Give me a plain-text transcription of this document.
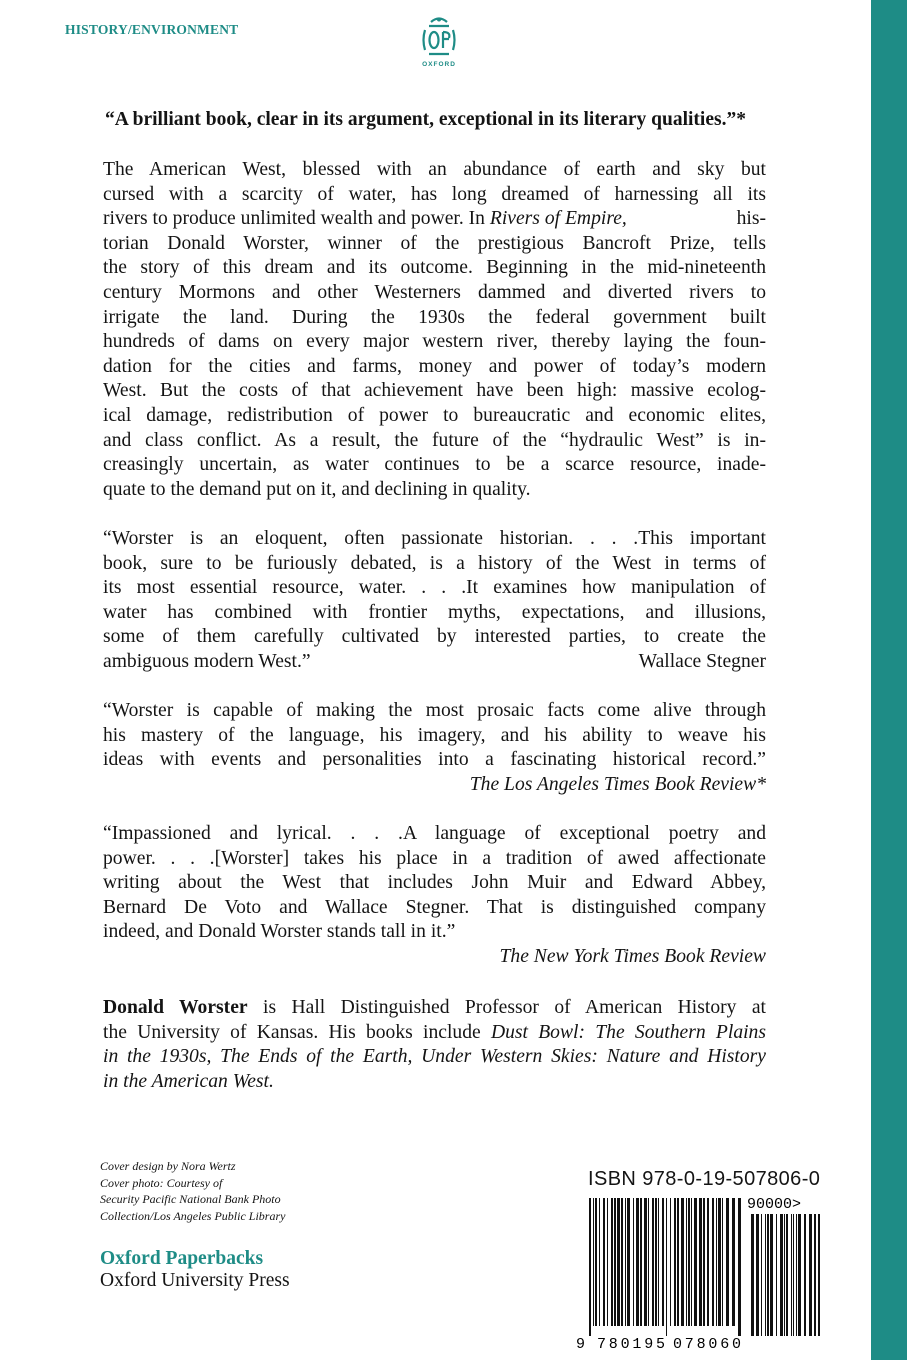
HISTORY/ENVIRONMENT
OXFORD
“A brilliant book, clear in its argument, exceptional in its literary qualities.”*
The American West, blessed with an abundance of earth and sky but
cursed with a scarcity of water, has long dreamed of harnessing all its
rivers to produce unlimited wealth and power. In Rivers of Empire,	his-
torian Donald Worster, winner of the prestigious Bancroft Prize, tells
the story of this dream and its outcome. Beginning in the mid-nineteenth
century Mormons and other Westerners dammed and diverted rivers to
irrigate the land. During the 1930s the federal government built
hundreds of dams on every major western river, thereby laying the foun-
dation for the cities and farms, money and power of today’s modern
West. But the costs of that achievement have been high: massive ecolog-
ical damage, redistribution of power to bureaucratic and economic elites,
and class conflict. As a result, the future of the “hydraulic West” is in-
creasingly uncertain, as water continues to be a scarce resource, inade-
quate to the demand put on it, and declining in quality.
“Worster is an eloquent, often passionate historian. . . .This important
book, sure to be furiously debated, is a history of the West in terms of
its most essential resource, water. . . .It examines how manipulation of
water has combined with frontier myths, expectations, and illusions,
some of them carefully cultivated by interested parties, to create the
ambiguous modern West.”	Wallace Stegner
“Worster is capable of making the most prosaic facts come alive through
his mastery of the language, his imagery, and his ability to weave his
ideas with events and personalities into a fascinating historical record.”
The Los Angeles Times Book Review*
“Impassioned and lyrical. . . .A language of exceptional poetry and
power. . . .[Worster] takes his place in a tradition of awed affectionate
writing about the West that includes John Muir and Edward Abbey,
Bernard De Voto and Wallace Stegner. That is distinguished company
indeed, and Donald Worster stands tall in it.”
The New York Times Book Review
Donald Worster is Hall Distinguished Professor of American History at
the University of Kansas. His books include Dust Bowl: The Southern Plains
in the 1930s, The Ends of the Earth, Under Western Skies: Nature and History
in the American West.
Cover design by Nora Wertz
Cover photo: Courtesy of
Security Pacific National Bank Photo
Collection/Los Angeles Public Library
Oxford Paperbacks
Oxford University Press
ISBN 978-0-19-507806-0
90000>
9 780195 078060
